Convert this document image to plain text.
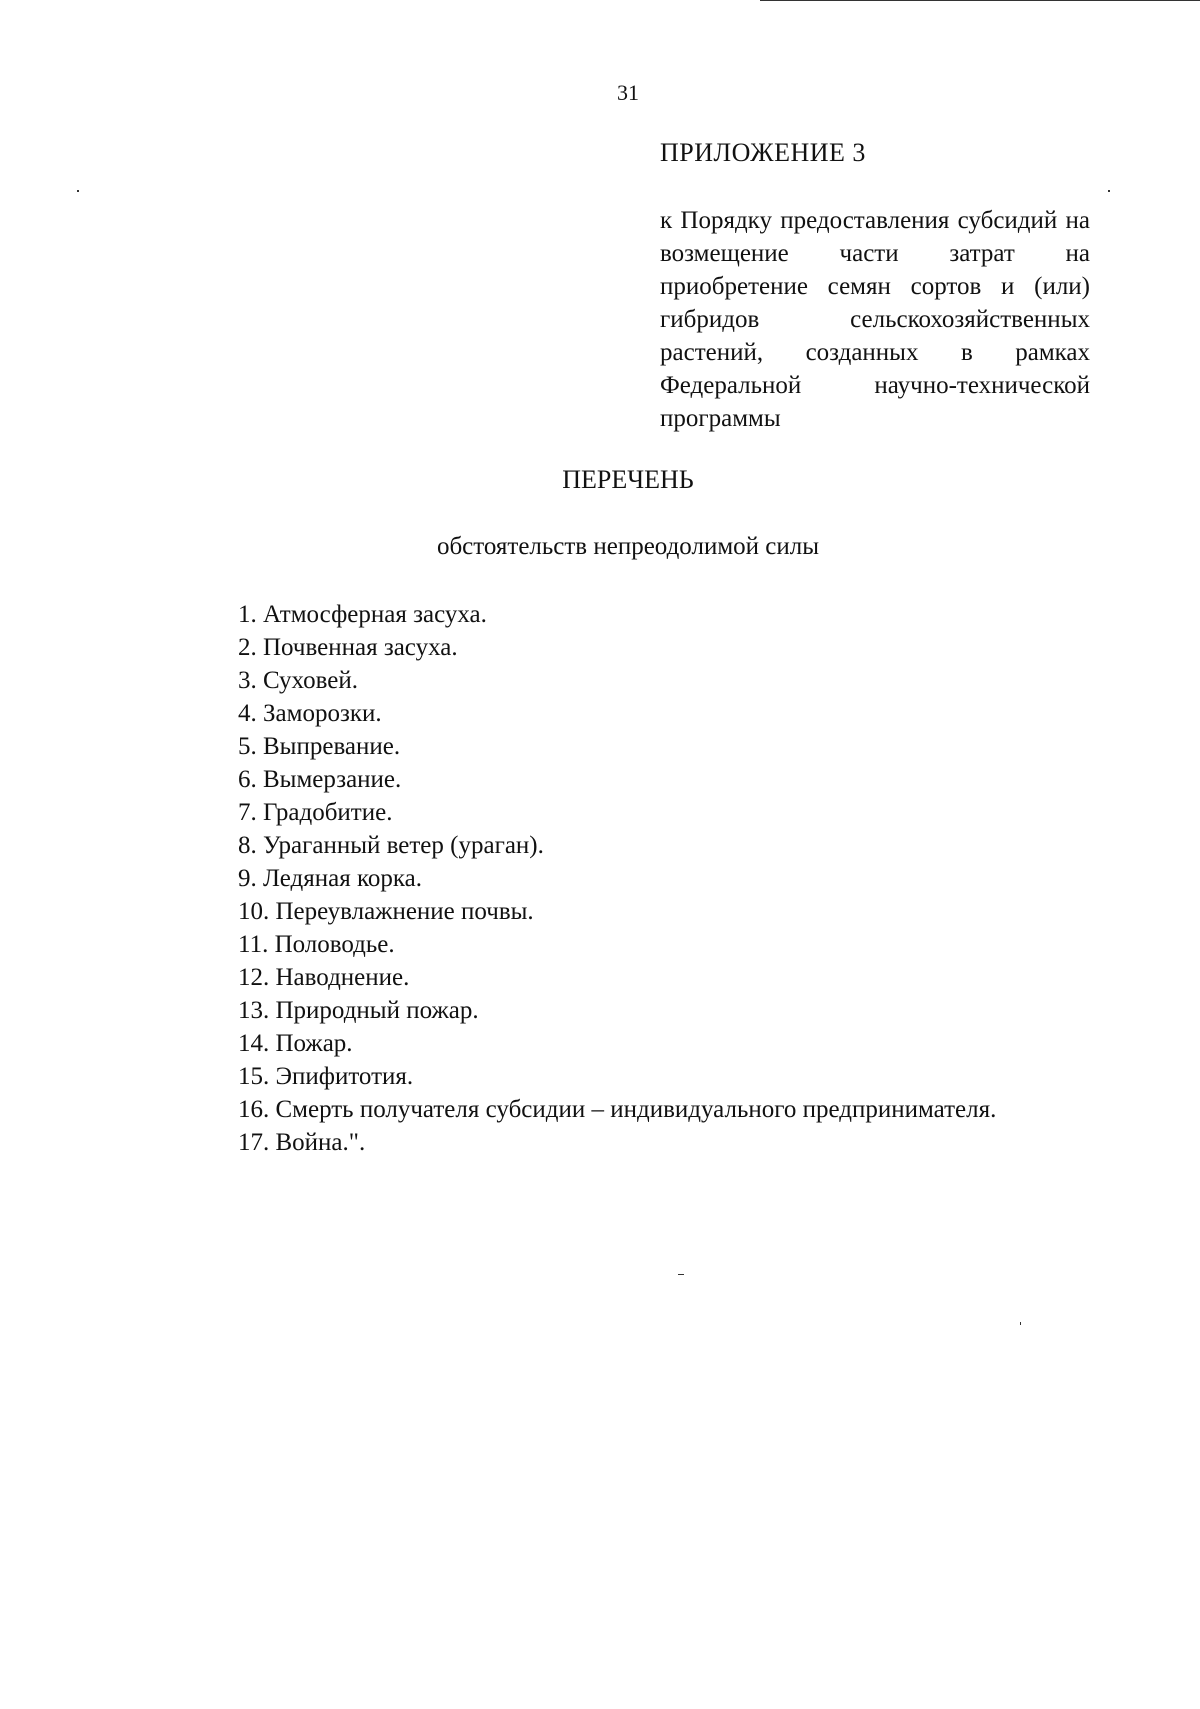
31
ПРИЛОЖЕНИЕ 3
к Порядку предоставления субсидий на возмещение части затрат на приобретение семян сортов и (или) гибридов сельскохозяйственных растений, созданных в рамках Федеральной научно-технической программы
ПЕРЕЧЕНЬ
обстоятельств непреодолимой силы
1. Атмосферная засуха.
2. Почвенная засуха.
3. Суховей.
4. Заморозки.
5. Выпревание.
6. Вымерзание.
7. Градобитие.
8. Ураганный ветер (ураган).
9. Ледяная корка.
10. Переувлажнение почвы.
11. Половодье.
12. Наводнение.
13. Природный пожар.
14. Пожар.
15. Эпифитотия.
16. Смерть получателя субсидии – индивидуального предпринимателя.
17. Война.".
